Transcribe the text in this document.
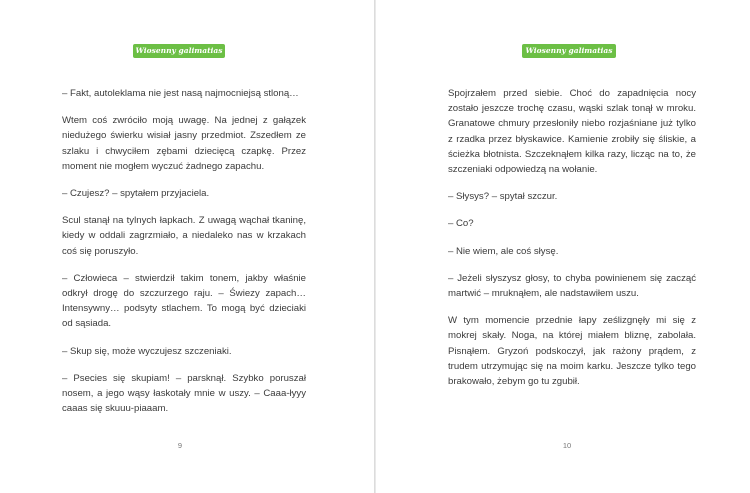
Wiosenny galimatias

– Fakt, autoleklama nie jest nasą najmocniejsą stloną…

Wtem coś zwróciło moją uwagę. Na jednej z gałązek niedużego świerku wisiał jasny przedmiot. Zszedłem ze szlaku i chwyciłem zębami dziecięcą czapkę. Przez moment nie mogłem wyczuć żadnego zapachu.

– Czujesz? – spytałem przyjaciela.

Scul stanął na tylnych łapkach. Z uwagą wąchał tkaninę, kiedy w oddali zagrzmiało, a niedaleko nas w krzakach coś się poruszyło.

– Człowieca – stwierdził takim tonem, jakby właśnie odkrył drogę do szczurzego raju. – Świezy zapach… Intensywny… podsyty stlachem. To mogą być dzieciaki od sąsiada.

– Skup się, może wyczujesz szczeniaki.

– Psecies się skupiam! – parsknął. Szybko poruszał nosem, a jego wąsy łaskotały mnie w uszy. – Caaa-łyyy caaas się skuuu-piaaam.

9
Wiosenny galimatias

Spojrzałem przed siebie. Choć do zapadnięcia nocy zostało jeszcze trochę czasu, wąski szlak tonął w mroku. Granatowe chmury przesłoniły niebo rozjaśniane już tylko z rzadka przez błyskawice. Kamienie zrobiły się śliskie, a ścieżka błotnista. Szczeknąłem kilka razy, licząc na to, że szczeniaki odpowiedzą na wołanie.

– Słysys? – spytał szczur.

– Co?

– Nie wiem, ale coś słysę.

– Jeżeli słyszysz głosy, to chyba powinienem się zacząć martwić – mruknąłem, ale nadstawiłem uszu.

W tym momencie przednie łapy ześlizgnęły mi się z mokrej skały. Noga, na której miałem bliznę, zabolała. Pisnąłem. Gryzoń podskoczył, jak rażony prądem, z trudem utrzymując się na moim karku. Jeszcze tylko tego brakowało, żebym go tu zgubił.

10
